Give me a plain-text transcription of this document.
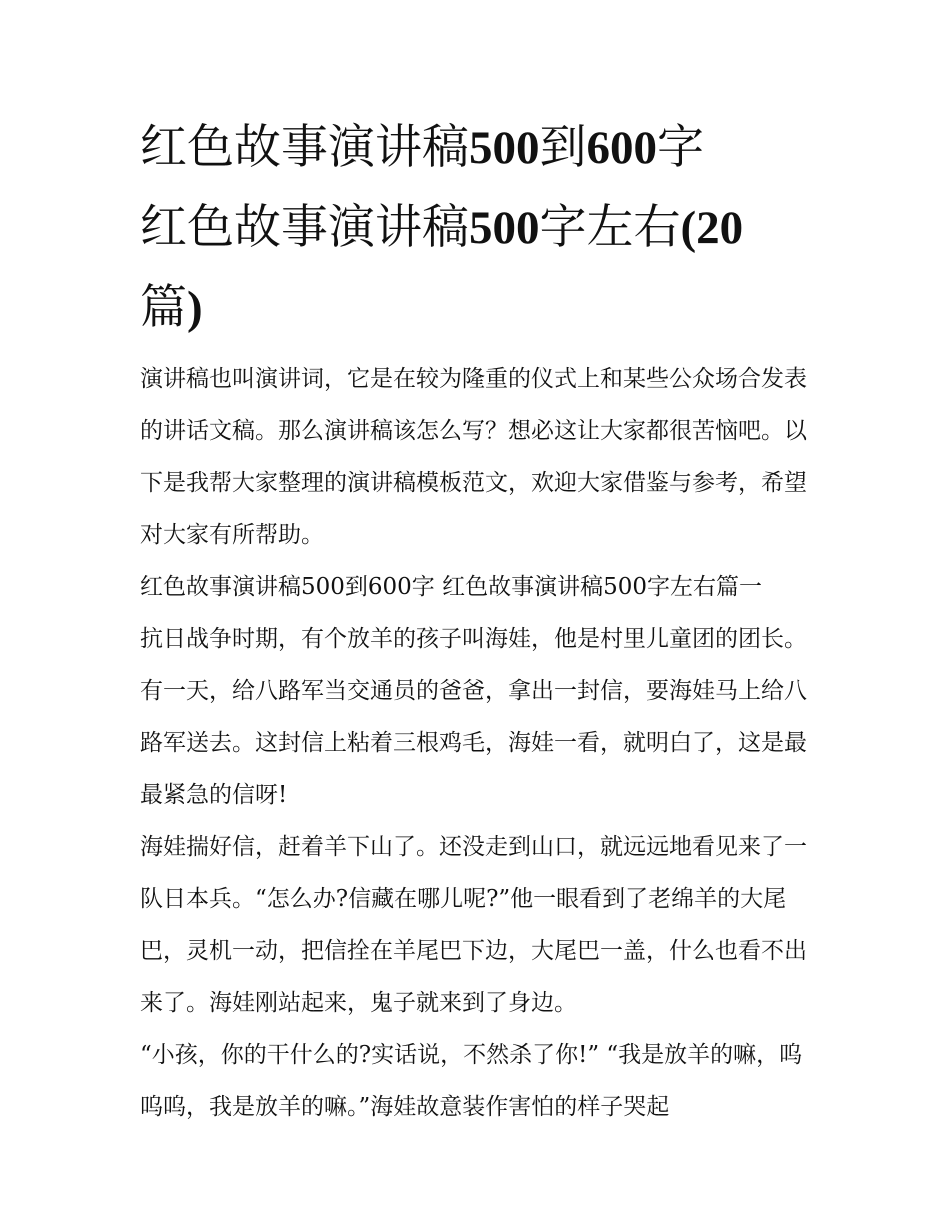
红色故事演讲稿500到600字
红色故事演讲稿500字左右(20
篇)

演讲稿也叫演讲词，它是在较为隆重的仪式上和某些公众场合发表的讲话文稿。那么演讲稿该怎么写？想必这让大家都很苦恼吧。以下是我帮大家整理的演讲稿模板范文，欢迎大家借鉴与参考，希望对大家有所帮助。

红色故事演讲稿500到600字 红色故事演讲稿500字左右篇一

抗日战争时期，有个放羊的孩子叫海娃，他是村里儿童团的团长。有一天，给八路军当交通员的爸爸，拿出一封信，要海娃马上给八路军送去。这封信上粘着三根鸡毛，海娃一看，就明白了，这是最最紧急的信呀!

海娃揣好信，赶着羊下山了。还没走到山口，就远远地看见来了一队日本兵。“怎么办?信藏在哪儿呢?”他一眼看到了老绵羊的大尾巴，灵机一动，把信拴在羊尾巴下边，大尾巴一盖，什么也看不出来了。海娃刚站起来，鬼子就来到了身边。

“小孩，你的干什么的?实话说，不然杀了你!” “我是放羊的嘛，呜呜呜，我是放羊的嘛。”海娃故意装作害怕的样子哭起
